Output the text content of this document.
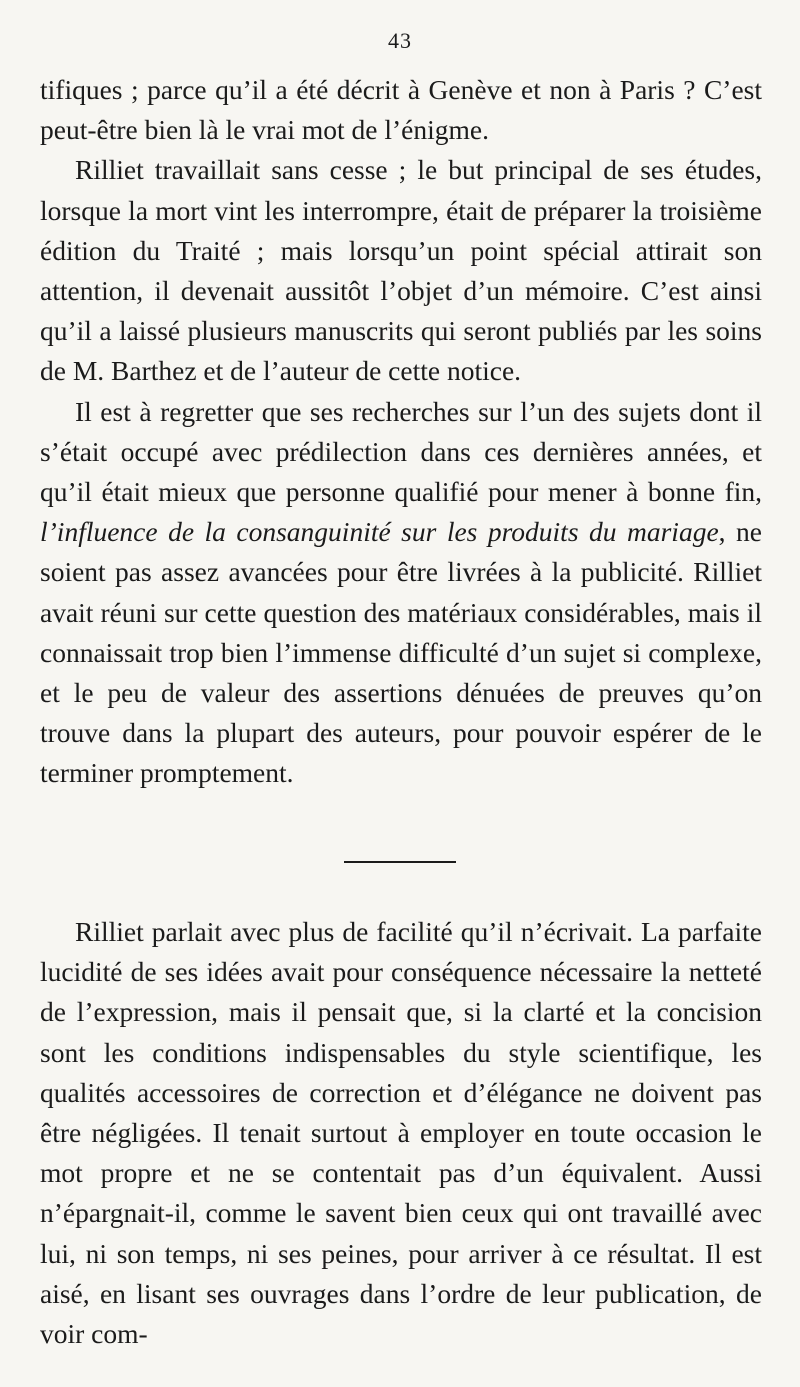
43

tifiques ; parce qu’il a été décrit à Genève et non à Paris ? C’est peut-être bien là le vrai mot de l’énigme.

Rilliet travaillait sans cesse ; le but principal de ses études, lorsque la mort vint les interrompre, était de préparer la troisième édition du Traité ; mais lorsqu’un point spécial attirait son attention, il devenait aussitôt l’objet d’un mémoire. C’est ainsi qu’il a laissé plusieurs manuscrits qui seront publiés par les soins de M. Barthez et de l’auteur de cette notice.

Il est à regretter que ses recherches sur l’un des sujets dont il s’était occupé avec prédilection dans ces dernières années, et qu’il était mieux que personne qualifié pour mener à bonne fin, l’influence de la consanguinité sur les produits du mariage, ne soient pas assez avancées pour être livrées à la publicité. Rilliet avait réuni sur cette question des matériaux considérables, mais il connaissait trop bien l’immense difficulté d’un sujet si complexe, et le peu de valeur des assertions dénuées de preuves qu’on trouve dans la plupart des auteurs, pour pouvoir espérer de le terminer promptement.

Rilliet parlait avec plus de facilité qu’il n’écrivait. La parfaite lucidité de ses idées avait pour conséquence nécessaire la netteté de l’expression, mais il pensait que, si la clarté et la concision sont les conditions indispensables du style scientifique, les qualités accessoires de correction et d’élégance ne doivent pas être négligées. Il tenait surtout à employer en toute occasion le mot propre et ne se contentait pas d’un équivalent. Aussi n’épargnait-il, comme le savent bien ceux qui ont travaillé avec lui, ni son temps, ni ses peines, pour arriver à ce résultat. Il est aisé, en lisant ses ouvrages dans l’ordre de leur publication, de voir com-
